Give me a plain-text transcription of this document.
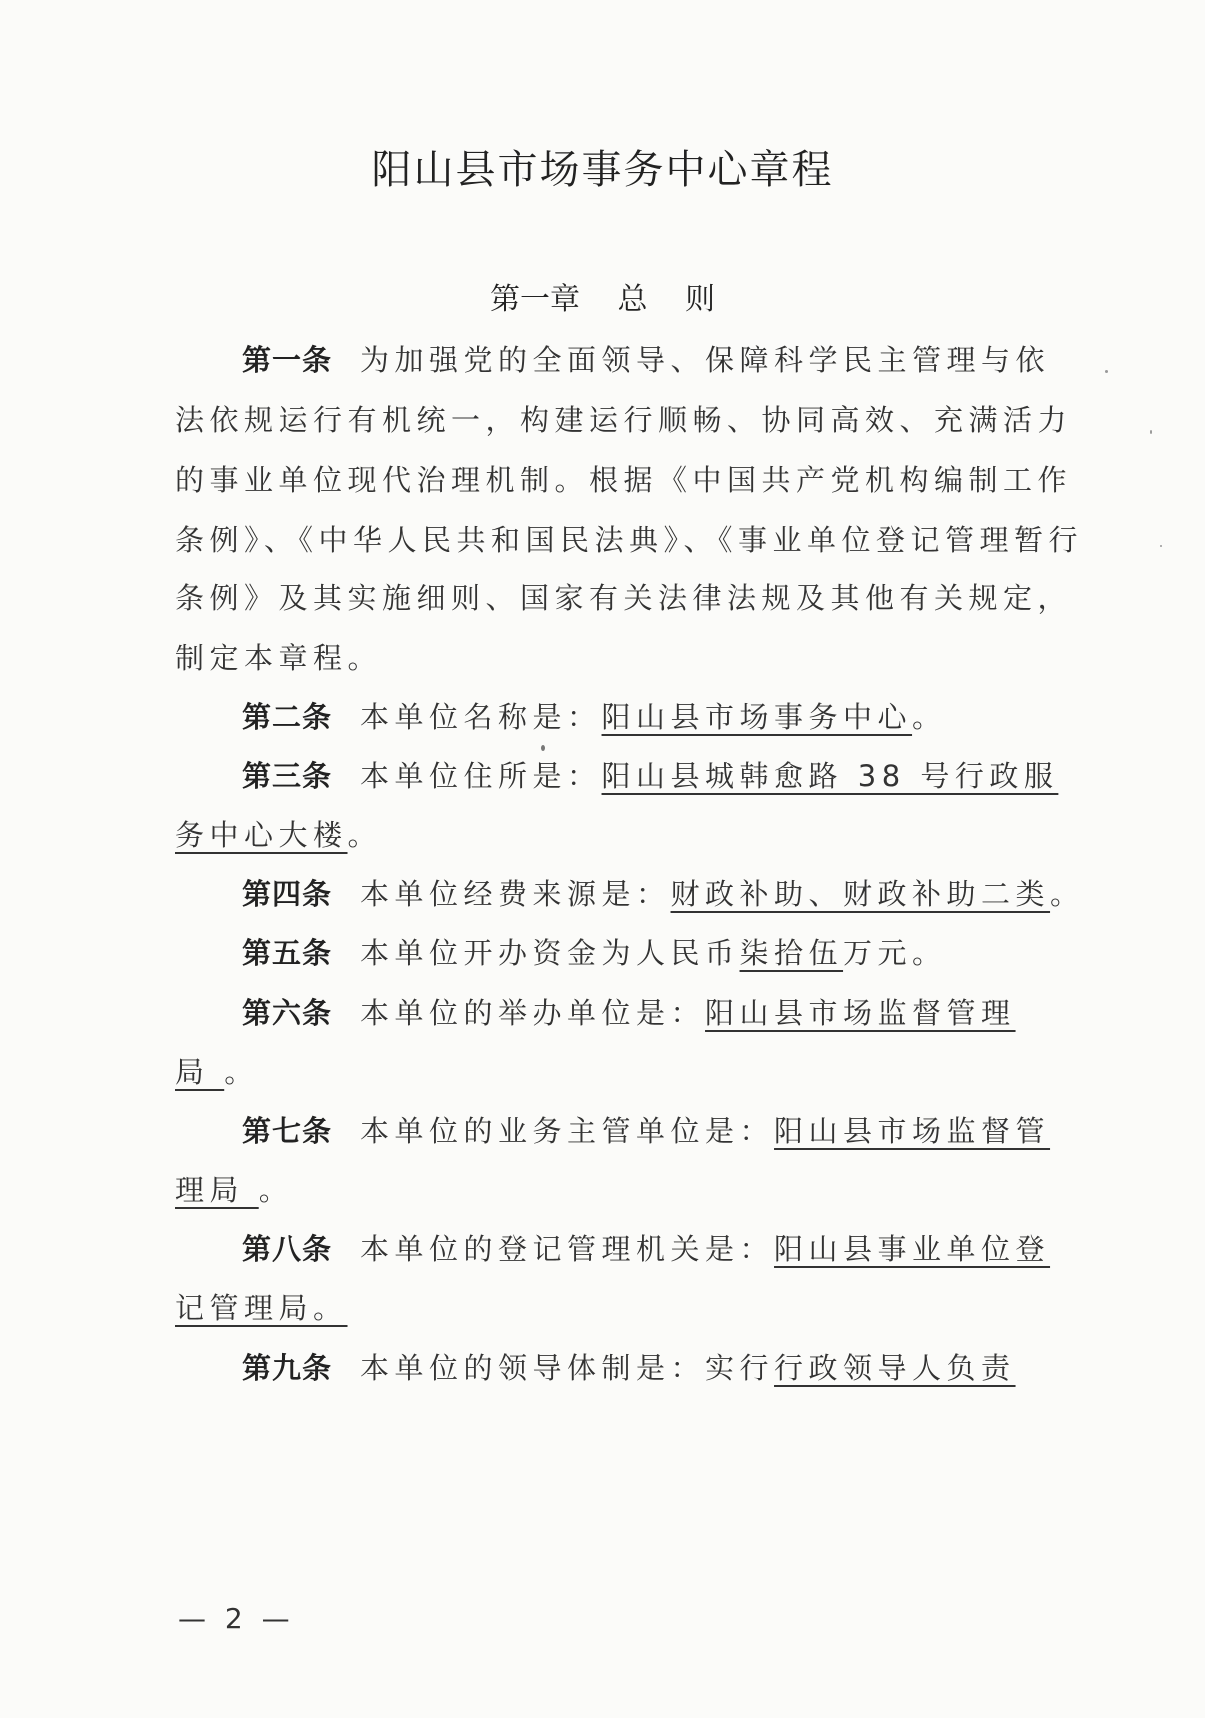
阳山县市场事务中心章程
第一章 总 则
第一条 为加强党的全面领导、保障科学民主管理与依
法依规运行有机统一，构建运行顺畅、协同高效、充满活力
的事业单位现代治理机制。根据《中国共产党机构编制工作
条例》、《中华人民共和国民法典》、《事业单位登记管理暂行
条例》及其实施细则、国家有关法律法规及其他有关规定，
制定本章程。
第二条 本单位名称是：阳山县市场事务中心。
第三条 本单位住所是：阳山县城韩愈路 38 号行政服
务中心大楼。
第四条 本单位经费来源是：财政补助、财政补助二类。
第五条 本单位开办资金为人民币柒拾伍万元。
第六条 本单位的举办单位是：阳山县市场监督管理
局 。
第七条 本单位的业务主管单位是：阳山县市场监督管
理局 。
第八条 本单位的登记管理机关是：阳山县事业单位登
记管理局。
第九条 本单位的领导体制是：实行行政领导人负责
— 2 —
